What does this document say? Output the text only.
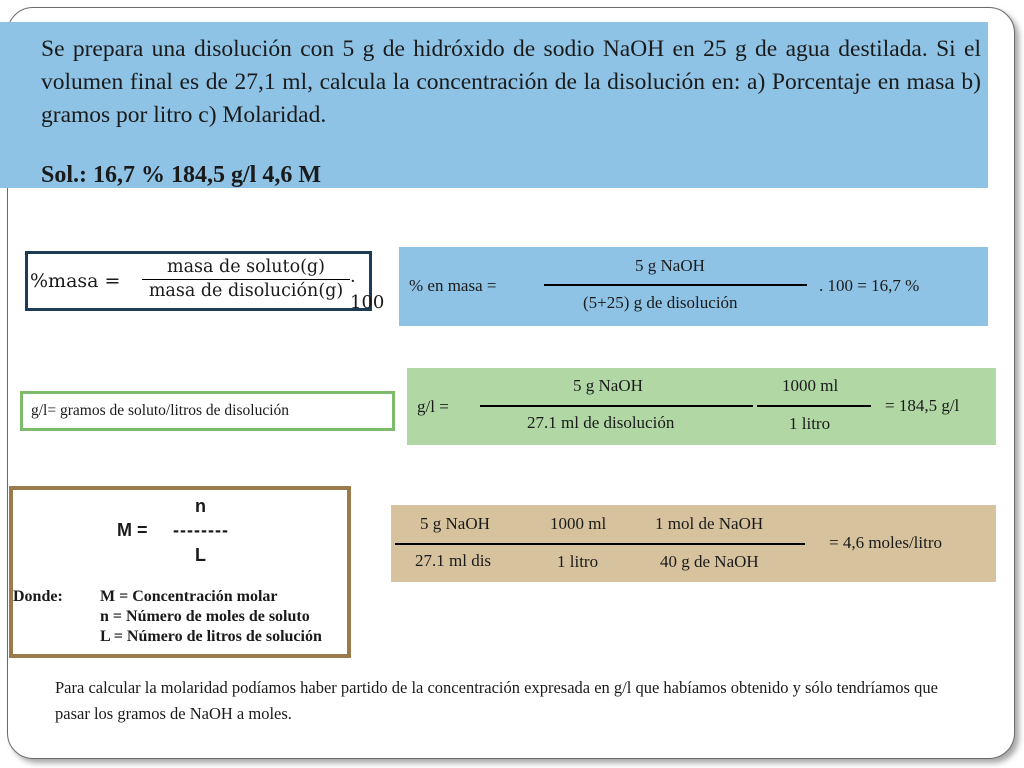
Se prepara una disolución con 5 g de hidróxido de sodio NaOH en 25 g de agua destilada. Si el volumen final es de 27,1 ml, calcula la concentración de la disolución en: a) Porcentaje en masa b) gramos por litro c) Molaridad.
Sol.: 16,7 % 184,5 g/l 4,6 M
%masa =
masa de soluto(g)
masa de disolución(g) · 100
g/l= gramos de soluto/litros de disolución
n
M = --------
L
Donde: M = Concentración molar
n = Número de moles de soluto
L = Número de litros de solución
% en masa =
5 g NaOH
(5+25) g de disolución
. 100 = 16,7 %
g/l =
5 g NaOH
27.1 ml de disolución
1000 ml
1 litro
= 184,5 g/l
5 g NaOH
27.1 ml dis
1000 ml
1 litro
1 mol de NaOH
40 g de NaOH
= 4,6 moles/litro
Para calcular la molaridad podíamos haber partido de la concentración expresada en g/l que habíamos obtenido y sólo tendríamos que pasar los gramos de NaOH a moles.
